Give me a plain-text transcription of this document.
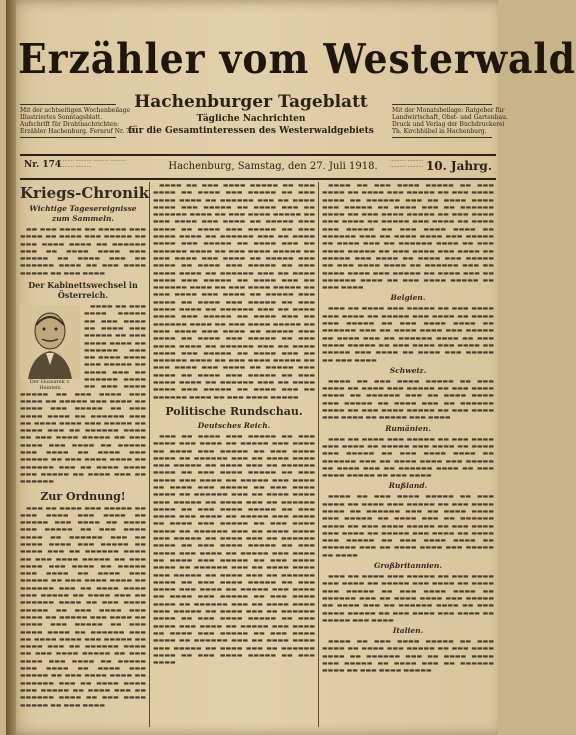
Erzähler vom Westerwald
Mit der achtseitigen Wochenbeilage
Illustriertes Sonntagsblatt.
Aufschrift für Drahtnachrichten:
Erzähler Hachenburg. Fernruf Nr. 72
Hachenburger Tageblatt
Tägliche Nachrichten
für die Gesamtinteressen des Westerwaldgebiets
Mit der Monatsbeilage: Ratgeber für
Landwirtschaft, Obst- und Gartenbau.
Druck und Verlag der Buchdruckerei
Th. Kirchhübel in Hachenburg.
Nr. 174
·········· ·········· ·········· ·········· ·········· ··········	Hachenburg, Samstag, den 27. Juli 1918.	·········· ·········· ·········· ·········· 10. Jahrg.
Kriegs-Chronik
Wichtige Tagesereignisse zum Sammeln.

▬▬ ▬▬▬ ▬▬▬▬ ▬▬ ▬▬▬▬▬ ▬▬▬ ▬▬▬▬ ▬▬ ▬▬▬▬ ▬▬▬ ▬▬▬▬▬ ▬▬ ▬▬▬ ▬▬▬▬ ▬▬▬▬ ▬▬ ▬▬▬▬▬▬ ▬▬▬ ▬▬ ▬▬▬▬ ▬▬▬▬ ▬▬▬ ▬▬▬▬▬ ▬▬ ▬▬▬▬ ▬▬▬ ▬▬ ▬▬▬▬▬▬ ▬▬▬▬ ▬▬ ▬▬▬ ▬▬▬▬ ▬▬▬▬▬ ▬▬ ▬▬▬ ▬▬▬▬

Der Kabinettswechsel in Österreich.
Der Hussarek v. Heinlein

▬▬▬▬ ▬▬ ▬▬▬ ▬▬▬▬ ▬▬▬▬▬ ▬▬ ▬▬▬ ▬▬▬▬ ▬▬ ▬▬▬▬ ▬▬▬ ▬▬▬▬▬ ▬▬ ▬▬▬ ▬▬▬▬ ▬▬▬▬ ▬▬ ▬▬▬▬▬▬ ▬▬▬ ▬▬ ▬▬▬▬ ▬▬▬▬ ▬▬▬ ▬▬▬▬▬ ▬▬ ▬▬▬▬ ▬▬▬ ▬▬ ▬▬▬▬▬▬ ▬▬▬▬ ▬▬ ▬▬▬ ▬▬▬▬ ▬▬▬▬▬ ▬▬ ▬▬▬ ▬▬▬▬ ▬▬▬ ▬▬▬▬ ▬▬ ▬▬▬▬▬ ▬▬▬ ▬▬▬▬ ▬▬ ▬▬▬▬ ▬▬▬ ▬▬▬▬▬ ▬▬ ▬▬▬ ▬▬▬▬ ▬▬▬▬ ▬▬ ▬▬▬▬▬▬ ▬▬▬ ▬▬ ▬▬▬▬ ▬▬▬▬ ▬▬▬ ▬▬▬▬▬ ▬▬ ▬▬▬▬ ▬▬▬ ▬▬ ▬▬▬▬▬▬ ▬▬▬▬ ▬▬ ▬▬▬ ▬▬▬▬ ▬▬▬▬▬ ▬▬ ▬▬▬ ▬▬▬▬ ▬▬▬ ▬▬▬▬ ▬▬ ▬▬▬▬▬ ▬▬▬ ▬▬▬▬ ▬▬ ▬▬▬▬ ▬▬▬ ▬▬▬▬▬ ▬▬ ▬▬▬ ▬▬▬▬ ▬▬▬▬ ▬▬ ▬▬▬▬▬▬ ▬▬▬ ▬▬ ▬▬▬▬ ▬▬▬▬ ▬▬▬ ▬▬▬▬▬ ▬▬ ▬▬▬▬ ▬▬▬ ▬▬ ▬▬▬▬▬▬

Zur Ordnung!

▬▬▬ ▬▬ ▬▬▬▬ ▬▬▬ ▬▬▬▬▬ ▬▬ ▬▬▬ ▬▬▬▬ ▬▬▬ ▬▬▬▬ ▬▬ ▬▬▬▬▬ ▬▬▬ ▬▬▬▬ ▬▬ ▬▬▬▬ ▬▬▬ ▬▬▬▬▬ ▬▬ ▬▬▬ ▬▬▬▬ ▬▬▬▬ ▬▬ ▬▬▬▬▬▬ ▬▬▬ ▬▬ ▬▬▬▬ ▬▬▬▬ ▬▬▬ ▬▬▬▬▬ ▬▬ ▬▬▬▬ ▬▬▬ ▬▬ ▬▬▬▬▬▬ ▬▬▬▬ ▬▬ ▬▬▬ ▬▬▬▬ ▬▬▬▬▬ ▬▬ ▬▬▬ ▬▬▬▬ ▬▬▬ ▬▬▬▬ ▬▬ ▬▬▬▬▬ ▬▬▬ ▬▬▬▬ ▬▬ ▬▬▬▬ ▬▬▬ ▬▬▬▬▬ ▬▬ ▬▬▬ ▬▬▬▬ ▬▬▬▬ ▬▬ ▬▬▬▬▬▬ ▬▬▬ ▬▬ ▬▬▬▬ ▬▬▬▬ ▬▬▬ ▬▬▬▬▬ ▬▬ ▬▬▬▬ ▬▬▬ ▬▬ ▬▬▬▬▬▬ ▬▬▬▬ ▬▬ ▬▬▬ ▬▬▬▬ ▬▬▬▬▬ ▬▬ ▬▬▬ ▬▬▬▬ ▬▬▬ ▬▬▬▬ ▬▬ ▬▬▬▬▬ ▬▬▬ ▬▬▬▬ ▬▬ ▬▬▬▬ ▬▬▬ ▬▬▬▬▬ ▬▬ ▬▬▬ ▬▬▬▬ ▬▬▬▬ ▬▬ ▬▬▬▬▬▬ ▬▬▬ ▬▬ ▬▬▬▬ ▬▬▬▬ ▬▬▬ ▬▬▬▬▬ ▬▬ ▬▬▬▬ ▬▬▬ ▬▬ ▬▬▬▬▬▬ ▬▬▬▬ ▬▬ ▬▬▬ ▬▬▬▬ ▬▬▬▬▬ ▬▬ ▬▬▬ ▬▬▬▬ ▬▬▬ ▬▬▬▬ ▬▬ ▬▬▬▬▬ ▬▬▬ ▬▬▬▬ ▬▬ ▬▬▬▬ ▬▬▬ ▬▬▬▬▬ ▬▬ ▬▬▬ ▬▬▬▬ ▬▬▬▬ ▬▬ ▬▬▬▬▬▬ ▬▬▬ ▬▬ ▬▬▬▬ ▬▬▬▬ ▬▬▬ ▬▬▬▬▬ ▬▬ ▬▬▬▬ ▬▬▬ ▬▬ ▬▬▬▬▬▬ ▬▬▬▬ ▬▬ ▬▬▬ ▬▬▬▬ ▬▬▬▬▬ ▬▬ ▬▬▬ ▬▬▬▬

▬▬▬▬ ▬▬ ▬▬▬ ▬▬▬▬ ▬▬▬▬▬ ▬▬ ▬▬▬ ▬▬▬▬ ▬▬ ▬▬▬▬ ▬▬▬ ▬▬▬▬▬ ▬▬ ▬▬▬ ▬▬▬▬ ▬▬▬▬ ▬▬ ▬▬▬▬▬▬ ▬▬▬ ▬▬ ▬▬▬▬ ▬▬▬▬ ▬▬▬ ▬▬▬▬▬ ▬▬ ▬▬▬▬ ▬▬▬ ▬▬ ▬▬▬▬▬▬ ▬▬▬▬ ▬▬ ▬▬▬ ▬▬▬▬ ▬▬▬▬▬ ▬▬ ▬▬▬ ▬▬▬▬ ▬▬▬ ▬▬▬▬ ▬▬ ▬▬▬▬▬ ▬▬▬ ▬▬▬▬ ▬▬ ▬▬▬▬ ▬▬▬ ▬▬▬▬▬ ▬▬ ▬▬▬ ▬▬▬▬ ▬▬▬▬ ▬▬ ▬▬▬▬▬▬ ▬▬▬ ▬▬ ▬▬▬▬ ▬▬▬▬ ▬▬▬ ▬▬▬▬▬ ▬▬ ▬▬▬▬ ▬▬▬ ▬▬ ▬▬▬▬▬▬ ▬▬▬▬ ▬▬ ▬▬▬ ▬▬▬▬ ▬▬▬▬▬ ▬▬ ▬▬▬ ▬▬▬▬ ▬▬▬ ▬▬▬▬ ▬▬ ▬▬▬▬▬ ▬▬▬ ▬▬▬▬ ▬▬ ▬▬▬▬ ▬▬▬ ▬▬▬▬▬ ▬▬ ▬▬▬ ▬▬▬▬ ▬▬▬▬ ▬▬ ▬▬▬▬▬▬ ▬▬▬ ▬▬ ▬▬▬▬ ▬▬▬▬ ▬▬▬ ▬▬▬▬▬ ▬▬ ▬▬▬▬ ▬▬▬ ▬▬ ▬▬▬▬▬▬ ▬▬▬▬ ▬▬ ▬▬▬ ▬▬▬▬ ▬▬▬▬▬ ▬▬ ▬▬▬ ▬▬▬▬ ▬▬▬ ▬▬▬▬ ▬▬ ▬▬▬▬▬ ▬▬▬ ▬▬▬▬ ▬▬ ▬▬▬▬ ▬▬▬ ▬▬▬▬▬ ▬▬ ▬▬▬ ▬▬▬▬ ▬▬▬▬ ▬▬ ▬▬▬▬▬▬ ▬▬▬ ▬▬ ▬▬▬▬ ▬▬▬▬ ▬▬▬ ▬▬▬▬▬ ▬▬ ▬▬▬▬ ▬▬▬ ▬▬ ▬▬▬▬▬▬ ▬▬▬▬ ▬▬ ▬▬▬ ▬▬▬▬ ▬▬▬▬▬ ▬▬ ▬▬▬ ▬▬▬▬ ▬▬▬ ▬▬▬▬ ▬▬ ▬▬▬▬▬ ▬▬▬ ▬▬▬▬ ▬▬ ▬▬▬▬ ▬▬▬ ▬▬▬▬▬ ▬▬ ▬▬▬ ▬▬▬▬ ▬▬▬▬ ▬▬ ▬▬▬▬▬▬ ▬▬▬ ▬▬ ▬▬▬▬ ▬▬▬▬ ▬▬▬ ▬▬▬▬▬ ▬▬ ▬▬▬▬ ▬▬▬ ▬▬ ▬▬▬▬▬▬ ▬▬▬▬ ▬▬ ▬▬▬ ▬▬▬▬ ▬▬▬▬▬ ▬▬ ▬▬▬ ▬▬▬▬ ▬▬▬ ▬▬▬▬ ▬▬ ▬▬▬▬▬ ▬▬▬ ▬▬▬▬ ▬▬ ▬▬▬▬ ▬▬▬ ▬▬▬▬▬ ▬▬ ▬▬▬ ▬▬▬▬ ▬▬▬▬ ▬▬ ▬▬▬▬▬▬ ▬▬▬ ▬▬ ▬▬▬▬ ▬▬▬▬ ▬▬▬ ▬▬▬▬▬ ▬▬ ▬▬▬▬ ▬▬▬ ▬▬ ▬▬▬▬▬▬ ▬▬▬▬ ▬▬ ▬▬▬ ▬▬▬▬ ▬▬▬▬▬

Politische Rundschau.
Deutsches Reich.

▬▬▬ ▬▬ ▬▬▬▬ ▬▬▬ ▬▬▬▬▬ ▬▬ ▬▬▬ ▬▬▬▬ ▬▬▬ ▬▬▬▬ ▬▬ ▬▬▬▬▬ ▬▬▬ ▬▬▬▬ ▬▬ ▬▬▬▬ ▬▬▬ ▬▬▬▬▬ ▬▬ ▬▬▬ ▬▬▬▬ ▬▬▬▬ ▬▬ ▬▬▬▬▬▬ ▬▬▬ ▬▬ ▬▬▬▬ ▬▬▬▬ ▬▬▬ ▬▬▬▬▬ ▬▬ ▬▬▬▬ ▬▬▬ ▬▬ ▬▬▬▬▬▬ ▬▬▬▬ ▬▬ ▬▬▬ ▬▬▬▬ ▬▬▬▬▬ ▬▬ ▬▬▬ ▬▬▬▬ ▬▬▬ ▬▬▬▬ ▬▬ ▬▬▬▬▬ ▬▬▬ ▬▬▬▬ ▬▬ ▬▬▬▬ ▬▬▬ ▬▬▬▬▬ ▬▬ ▬▬▬ ▬▬▬▬ ▬▬▬▬ ▬▬ ▬▬▬▬▬▬ ▬▬▬ ▬▬ ▬▬▬▬ ▬▬▬▬ ▬▬▬ ▬▬▬▬▬ ▬▬ ▬▬▬▬ ▬▬▬ ▬▬ ▬▬▬▬▬▬ ▬▬▬▬ ▬▬ ▬▬▬ ▬▬▬▬ ▬▬▬▬▬ ▬▬ ▬▬▬ ▬▬▬▬ ▬▬▬ ▬▬▬▬ ▬▬ ▬▬▬▬▬ ▬▬▬ ▬▬▬▬ ▬▬ ▬▬▬▬ ▬▬▬ ▬▬▬▬▬ ▬▬ ▬▬▬ ▬▬▬▬ ▬▬▬▬ ▬▬ ▬▬▬▬▬▬ ▬▬▬ ▬▬ ▬▬▬▬ ▬▬▬▬ ▬▬▬ ▬▬▬▬▬ ▬▬ ▬▬▬▬ ▬▬▬ ▬▬ ▬▬▬▬▬▬ ▬▬▬▬ ▬▬ ▬▬▬ ▬▬▬▬ ▬▬▬▬▬ ▬▬ ▬▬▬ ▬▬▬▬ ▬▬▬ ▬▬▬▬ ▬▬ ▬▬▬▬▬ ▬▬▬ ▬▬▬▬ ▬▬ ▬▬▬▬ ▬▬▬ ▬▬▬▬▬ ▬▬ ▬▬▬ ▬▬▬▬ ▬▬▬▬ ▬▬ ▬▬▬▬▬▬ ▬▬▬ ▬▬ ▬▬▬▬ ▬▬▬▬ ▬▬▬ ▬▬▬▬▬ ▬▬ ▬▬▬▬ ▬▬▬ ▬▬ ▬▬▬▬▬▬ ▬▬▬▬ ▬▬ ▬▬▬ ▬▬▬▬ ▬▬▬▬▬ ▬▬ ▬▬▬ ▬▬▬▬ ▬▬▬ ▬▬▬▬ ▬▬ ▬▬▬▬▬ ▬▬▬ ▬▬▬▬ ▬▬ ▬▬▬▬ ▬▬▬ ▬▬▬▬▬ ▬▬ ▬▬▬ ▬▬▬▬ ▬▬▬▬ ▬▬ ▬▬▬▬▬▬ ▬▬▬ ▬▬ ▬▬▬▬ ▬▬▬▬ ▬▬▬ ▬▬▬▬▬ ▬▬ ▬▬▬▬ ▬▬▬ ▬▬ ▬▬▬▬▬▬ ▬▬▬▬ ▬▬ ▬▬▬ ▬▬▬▬ ▬▬▬▬▬ ▬▬ ▬▬▬ ▬▬▬▬ ▬▬▬ ▬▬▬▬ ▬▬ ▬▬▬▬▬ ▬▬▬ ▬▬▬▬ ▬▬ ▬▬▬▬ ▬▬▬ ▬▬▬▬▬ ▬▬ ▬▬▬ ▬▬▬▬ ▬▬▬▬ ▬▬ ▬▬▬▬▬▬ ▬▬▬ ▬▬ ▬▬▬▬ ▬▬▬▬ ▬▬▬ ▬▬▬▬▬ ▬▬ ▬▬▬▬ ▬▬▬ ▬▬ ▬▬▬▬▬▬ ▬▬▬▬ ▬▬ ▬▬▬ ▬▬▬▬ ▬▬▬▬▬ ▬▬ ▬▬▬ ▬▬▬▬

▬▬▬▬ ▬▬ ▬▬▬ ▬▬▬▬ ▬▬▬▬▬ ▬▬ ▬▬▬ ▬▬▬▬ ▬▬ ▬▬▬▬ ▬▬▬ ▬▬▬▬▬ ▬▬ ▬▬▬ ▬▬▬▬ ▬▬▬▬ ▬▬ ▬▬▬▬▬▬ ▬▬▬ ▬▬ ▬▬▬▬ ▬▬▬▬ ▬▬▬ ▬▬▬▬▬ ▬▬ ▬▬▬▬ ▬▬▬ ▬▬ ▬▬▬▬▬▬ ▬▬▬▬ ▬▬ ▬▬▬ ▬▬▬▬ ▬▬▬▬▬ ▬▬ ▬▬▬ ▬▬▬▬ ▬▬▬ ▬▬▬▬ ▬▬ ▬▬▬▬▬ ▬▬▬ ▬▬▬▬ ▬▬ ▬▬▬▬ ▬▬▬ ▬▬▬▬▬ ▬▬ ▬▬▬ ▬▬▬▬ ▬▬▬▬ ▬▬ ▬▬▬▬▬▬ ▬▬▬ ▬▬ ▬▬▬▬ ▬▬▬▬ ▬▬▬ ▬▬▬▬▬ ▬▬ ▬▬▬▬ ▬▬▬ ▬▬ ▬▬▬▬▬▬ ▬▬▬▬ ▬▬ ▬▬▬ ▬▬▬▬ ▬▬▬▬▬ ▬▬ ▬▬▬ ▬▬▬▬ ▬▬▬ ▬▬▬▬ ▬▬ ▬▬▬▬▬ ▬▬▬ ▬▬▬▬ ▬▬ ▬▬▬▬ ▬▬▬ ▬▬▬▬▬ ▬▬ ▬▬▬ ▬▬▬▬ ▬▬▬▬ ▬▬ ▬▬▬▬▬▬ ▬▬▬ ▬▬ ▬▬▬▬ ▬▬▬▬ ▬▬▬ ▬▬▬▬▬ ▬▬ ▬▬▬▬ ▬▬▬ ▬▬ ▬▬▬▬▬▬ ▬▬▬▬ ▬▬ ▬▬▬ ▬▬▬▬ ▬▬▬▬▬ ▬▬ ▬▬▬ ▬▬▬▬

Belgien.

▬▬▬ ▬▬ ▬▬▬▬ ▬▬▬ ▬▬▬▬▬ ▬▬ ▬▬▬ ▬▬▬▬ ▬▬▬ ▬▬▬▬ ▬▬ ▬▬▬▬▬ ▬▬▬ ▬▬▬▬ ▬▬ ▬▬▬▬ ▬▬▬ ▬▬▬▬▬ ▬▬ ▬▬▬ ▬▬▬▬ ▬▬▬▬ ▬▬ ▬▬▬▬▬▬ ▬▬▬ ▬▬ ▬▬▬▬ ▬▬▬▬ ▬▬▬ ▬▬▬▬▬ ▬▬ ▬▬▬▬ ▬▬▬ ▬▬ ▬▬▬▬▬▬ ▬▬▬▬ ▬▬ ▬▬▬ ▬▬▬▬ ▬▬▬▬▬ ▬▬ ▬▬▬ ▬▬▬▬ ▬▬▬ ▬▬▬▬ ▬▬ ▬▬▬▬▬ ▬▬▬ ▬▬▬▬ ▬▬ ▬▬▬▬ ▬▬▬ ▬▬▬▬▬ ▬▬ ▬▬▬ ▬▬▬▬

Schweiz.

▬▬▬▬ ▬▬ ▬▬▬ ▬▬▬▬ ▬▬▬▬▬ ▬▬ ▬▬▬ ▬▬▬▬ ▬▬ ▬▬▬▬ ▬▬▬ ▬▬▬▬▬ ▬▬ ▬▬▬ ▬▬▬▬ ▬▬▬▬ ▬▬ ▬▬▬▬▬▬ ▬▬▬ ▬▬ ▬▬▬▬ ▬▬▬▬ ▬▬▬ ▬▬▬▬▬ ▬▬ ▬▬▬▬ ▬▬▬ ▬▬ ▬▬▬▬▬▬ ▬▬▬▬ ▬▬ ▬▬▬ ▬▬▬▬ ▬▬▬▬▬ ▬▬ ▬▬▬ ▬▬▬▬ ▬▬▬ ▬▬▬▬ ▬▬ ▬▬▬▬▬ ▬▬▬ ▬▬▬▬

Rumänien.

▬▬▬ ▬▬ ▬▬▬▬ ▬▬▬ ▬▬▬▬▬ ▬▬ ▬▬▬ ▬▬▬▬ ▬▬▬ ▬▬▬▬ ▬▬ ▬▬▬▬▬ ▬▬▬ ▬▬▬▬ ▬▬ ▬▬▬▬ ▬▬▬ ▬▬▬▬▬ ▬▬ ▬▬▬ ▬▬▬▬ ▬▬▬▬ ▬▬ ▬▬▬▬▬▬ ▬▬▬ ▬▬ ▬▬▬▬ ▬▬▬▬ ▬▬▬ ▬▬▬▬▬ ▬▬ ▬▬▬▬ ▬▬▬ ▬▬ ▬▬▬▬▬▬ ▬▬▬▬ ▬▬ ▬▬▬ ▬▬▬▬ ▬▬▬▬▬ ▬▬ ▬▬▬ ▬▬▬▬

Rußland.

▬▬▬▬ ▬▬ ▬▬▬ ▬▬▬▬ ▬▬▬▬▬ ▬▬ ▬▬▬ ▬▬▬▬ ▬▬ ▬▬▬▬ ▬▬▬ ▬▬▬▬▬ ▬▬ ▬▬▬ ▬▬▬▬ ▬▬▬▬ ▬▬ ▬▬▬▬▬▬ ▬▬▬ ▬▬ ▬▬▬▬ ▬▬▬▬ ▬▬▬ ▬▬▬▬▬ ▬▬ ▬▬▬▬ ▬▬▬ ▬▬ ▬▬▬▬▬▬ ▬▬▬▬ ▬▬ ▬▬▬ ▬▬▬▬ ▬▬▬▬▬ ▬▬ ▬▬▬ ▬▬▬▬ ▬▬▬ ▬▬▬▬ ▬▬ ▬▬▬▬▬ ▬▬▬ ▬▬▬▬ ▬▬ ▬▬▬▬ ▬▬▬ ▬▬▬▬▬ ▬▬ ▬▬▬ ▬▬▬▬ ▬▬▬▬ ▬▬ ▬▬▬▬▬▬ ▬▬▬ ▬▬ ▬▬▬▬ ▬▬▬▬ ▬▬▬ ▬▬▬▬▬ ▬▬ ▬▬▬▬

Großbritannien.

▬▬▬ ▬▬ ▬▬▬▬ ▬▬▬ ▬▬▬▬▬ ▬▬ ▬▬▬ ▬▬▬▬ ▬▬▬ ▬▬▬▬ ▬▬ ▬▬▬▬▬ ▬▬▬ ▬▬▬▬ ▬▬ ▬▬▬▬ ▬▬▬ ▬▬▬▬▬ ▬▬ ▬▬▬ ▬▬▬▬ ▬▬▬▬ ▬▬ ▬▬▬▬▬▬ ▬▬▬ ▬▬ ▬▬▬▬ ▬▬▬▬ ▬▬▬ ▬▬▬▬▬ ▬▬ ▬▬▬▬ ▬▬▬ ▬▬ ▬▬▬▬▬▬ ▬▬▬▬ ▬▬ ▬▬▬ ▬▬▬▬ ▬▬▬▬▬ ▬▬ ▬▬▬ ▬▬▬▬ ▬▬▬ ▬▬▬▬ ▬▬ ▬▬▬▬▬ ▬▬▬ ▬▬▬▬

Italien.

▬▬▬▬ ▬▬ ▬▬▬ ▬▬▬▬ ▬▬▬▬▬ ▬▬ ▬▬▬ ▬▬▬▬ ▬▬ ▬▬▬▬ ▬▬▬ ▬▬▬▬▬ ▬▬ ▬▬▬ ▬▬▬▬ ▬▬▬▬ ▬▬ ▬▬▬▬▬▬ ▬▬▬ ▬▬ ▬▬▬▬ ▬▬▬▬ ▬▬▬ ▬▬▬▬▬ ▬▬ ▬▬▬▬ ▬▬▬ ▬▬ ▬▬▬▬▬▬ ▬▬▬▬ ▬▬ ▬▬▬ ▬▬▬▬ ▬▬▬▬▬
